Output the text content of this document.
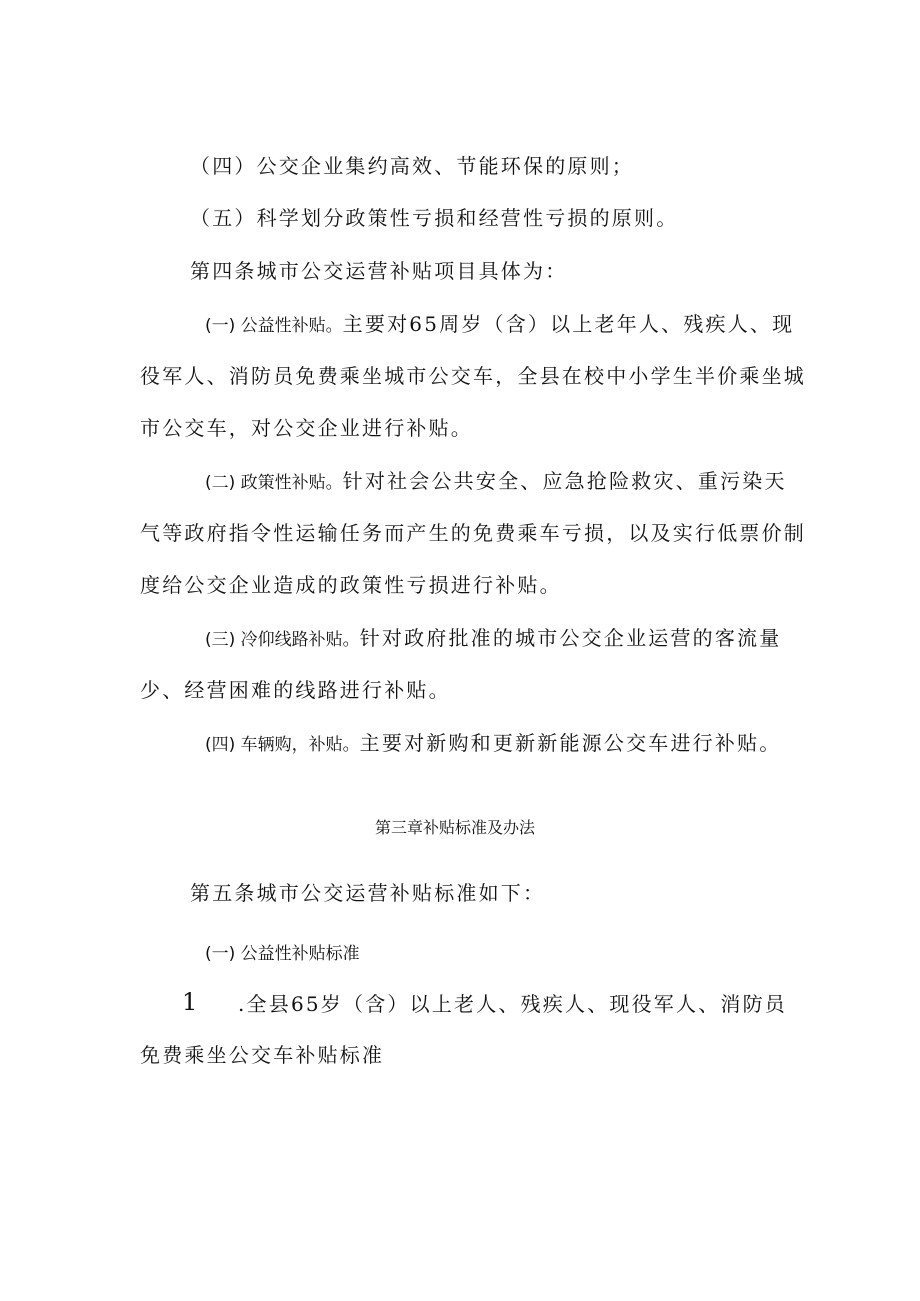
（四）公交企业集约高效、节能环保的原则；
（五）科学划分政策性亏损和经营性亏损的原则。
第四条城市公交运营补贴项目具体为：
(一) 公益性补贴。主要对65周岁（含）以上老年人、残疾人、现
役军人、消防员免费乘坐城市公交车，全县在校中小学生半价乘坐城
市公交车，对公交企业进行补贴。
(二) 政策性补贴。针对社会公共安全、应急抢险救灾、重污染天
气等政府指令性运输任务而产生的免费乘车亏损，以及实行低票价制
度给公交企业造成的政策性亏损进行补贴。
(三) 冷仰线路补贴。针对政府批准的城市公交企业运营的客流量
少、经营困难的线路进行补贴。
(四) 车辆购，补贴。主要对新购和更新新能源公交车进行补贴。
第三章补贴标准及办法
第五条城市公交运营补贴标准如下：
(一) 公益性补贴标准
1 .全县65岁（含）以上老人、残疾人、现役军人、消防员
免费乘坐公交车补贴标准
